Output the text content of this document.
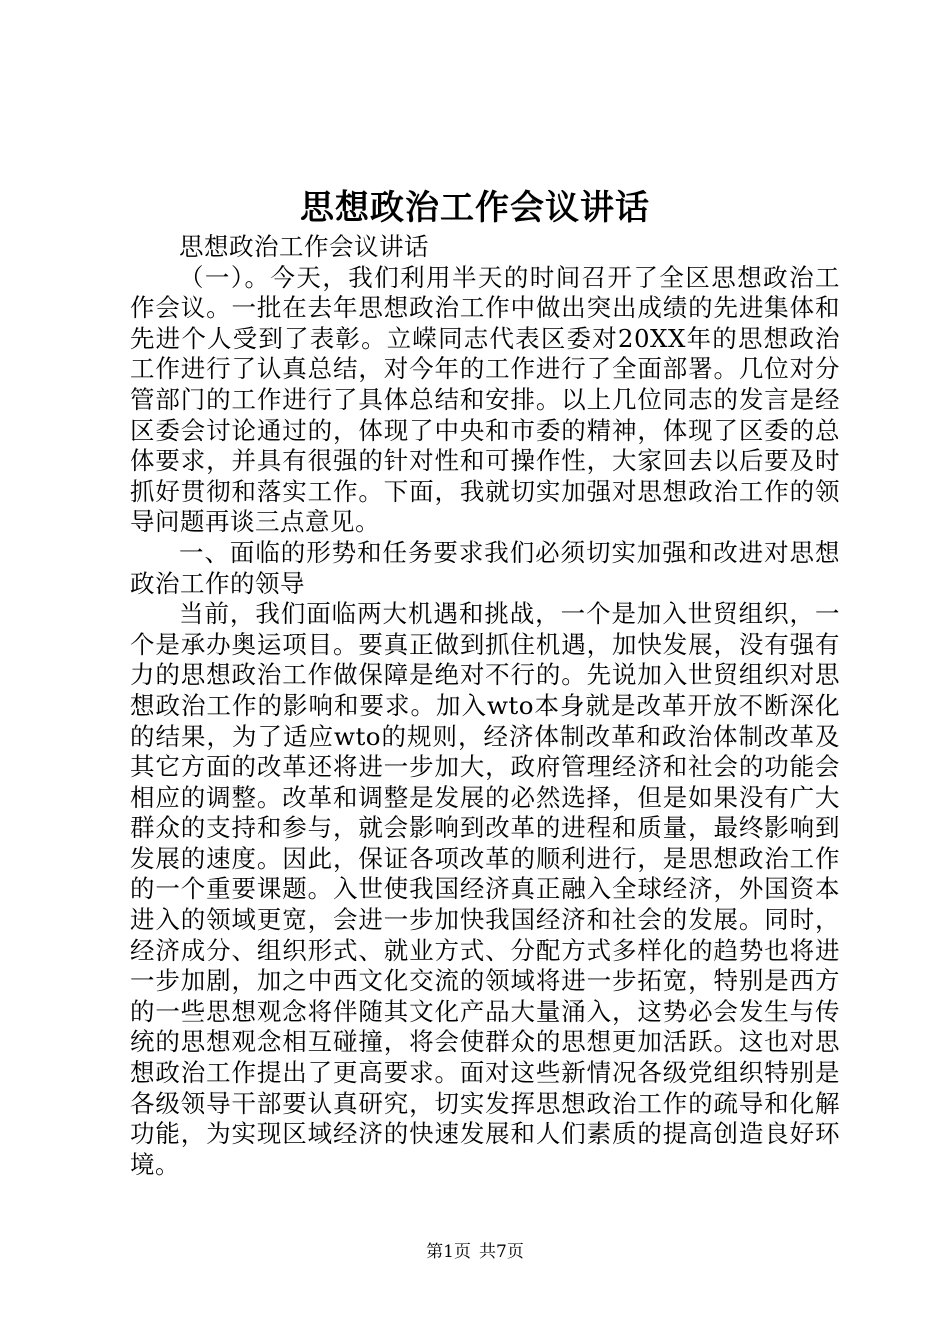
思想政治工作会议讲话

思想政治工作会议讲话

（一）。今天，我们利用半天的时间召开了全区思想政治工作会议。一批在去年思想政治工作中做出突出成绩的先进集体和先进个人受到了表彰。立嵘同志代表区委对20XX年的思想政治工作进行了认真总结，对今年的工作进行了全面部署。几位对分管部门的工作进行了具体总结和安排。以上几位同志的发言是经区委会讨论通过的，体现了中央和市委的精神，体现了区委的总体要求，并具有很强的针对性和可操作性，大家回去以后要及时抓好贯彻和落实工作。下面，我就切实加强对思想政治工作的领导问题再谈三点意见。

一、面临的形势和任务要求我们必须切实加强和改进对思想政治工作的领导

当前，我们面临两大机遇和挑战，一个是加入世贸组织，一个是承办奥运项目。要真正做到抓住机遇，加快发展，没有强有力的思想政治工作做保障是绝对不行的。先说加入世贸组织对思想政治工作的影响和要求。加入wto本身就是改革开放不断深化的结果，为了适应wto的规则，经济体制改革和政治体制改革及其它方面的改革还将进一步加大，政府管理经济和社会的功能会相应的调整。改革和调整是发展的必然选择，但是如果没有广大群众的支持和参与，就会影响到改革的进程和质量，最终影响到发展的速度。因此，保证各项改革的顺利进行，是思想政治工作的一个重要课题。入世使我国经济真正融入全球经济，外国资本进入的领域更宽，会进一步加快我国经济和社会的发展。同时，经济成分、组织形式、就业方式、分配方式多样化的趋势也将进一步加剧，加之中西文化交流的领域将进一步拓宽，特别是西方的一些思想观念将伴随其文化产品大量涌入，这势必会发生与传统的思想观念相互碰撞，将会使群众的思想更加活跃。这也对思想政治工作提出了更高要求。面对这些新情况各级党组织特别是各级领导干部要认真研究，切实发挥思想政治工作的疏导和化解功能，为实现区域经济的快速发展和人们素质的提高创造良好环境。

第1页 共7页
